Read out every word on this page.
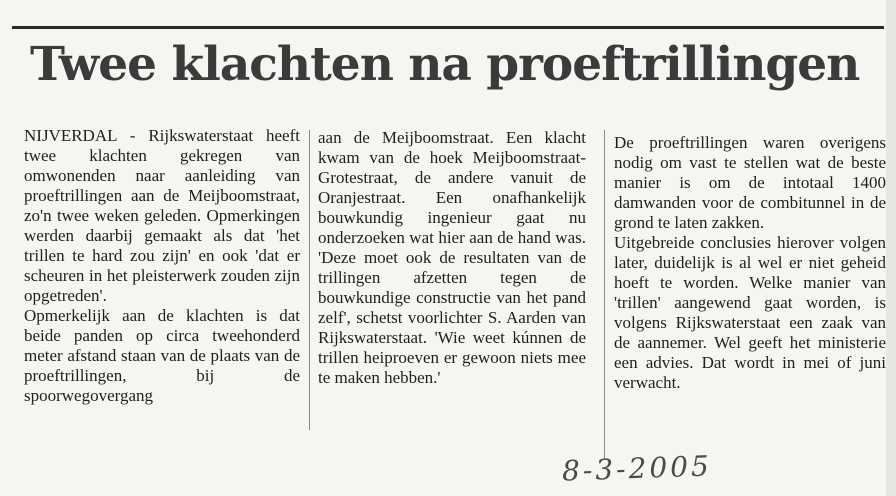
Twee klachten na proeftrillingen

NIJVERDAL - Rijkswaterstaat heeft twee klachten gekregen van omwonenden naar aanleiding van proeftrillingen aan de Meijboomstraat, zo'n twee weken geleden. Opmerkingen werden daarbij gemaakt als dat 'het trillen te hard zou zijn' en ook 'dat er scheuren in het pleisterwerk zouden zijn opgetreden'.

Opmerkelijk aan de klachten is dat beide panden op circa tweehonderd meter afstand staan van de plaats van de proeftrillingen, bij de spoorwegovergang

aan de Meijboomstraat. Een klacht kwam van de hoek Meijboomstraat-Grotestraat, de andere vanuit de Oranjestraat. Een onafhankelijk bouwkundig ingenieur gaat nu onderzoeken wat hier aan de hand was. 'Deze moet ook de resultaten van de trillingen afzetten tegen de bouwkundige constructie van het pand zelf', schetst voorlichter S. Aarden van Rijkswaterstaat. 'Wie weet kúnnen de trillen heiproeven er gewoon niets mee te maken hebben.'

De proeftrillingen waren overigens nodig om vast te stellen wat de beste manier is om de intotaal 1400 damwanden voor de combitunnel in de grond te laten zakken.

Uitgebreide conclusies hierover volgen later, duidelijk is al wel er niet geheid hoeft te worden. Welke manier van 'trillen' aangewend gaat worden, is volgens Rijkswaterstaat een zaak van de aannemer. Wel geeft het ministerie een advies. Dat wordt in mei of juni verwacht.

8-3-2005
